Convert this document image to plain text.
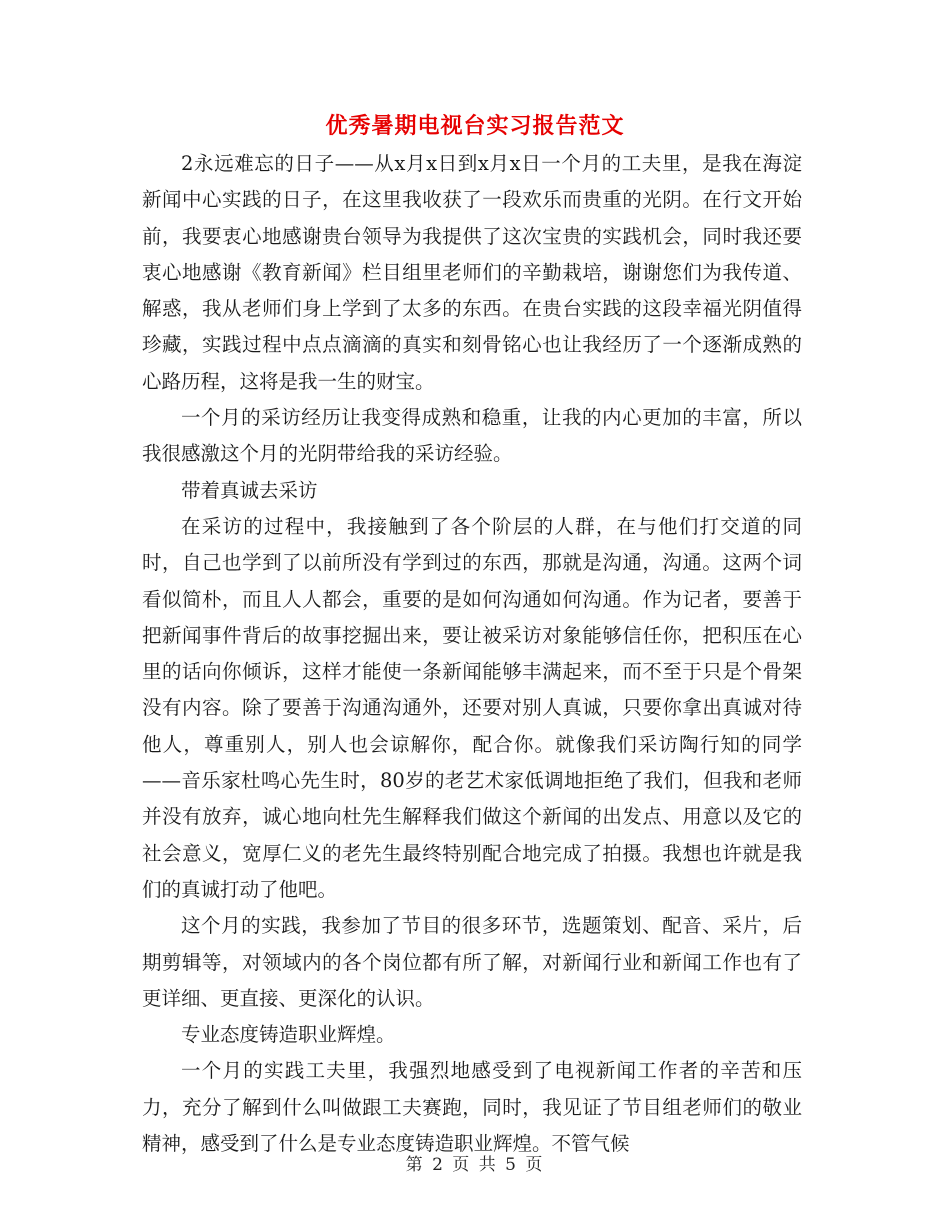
优秀暑期电视台实习报告范文

2永远难忘的日子——从x月x日到x月x日一个月的工夫里，是我在海淀新闻中心实践的日子，在这里我收获了一段欢乐而贵重的光阴。在行文开始前，我要衷心地感谢贵台领导为我提供了这次宝贵的实践机会，同时我还要衷心地感谢《教育新闻》栏目组里老师们的辛勤栽培，谢谢您们为我传道、解惑，我从老师们身上学到了太多的东西。在贵台实践的这段幸福光阴值得珍藏，实践过程中点点滴滴的真实和刻骨铭心也让我经历了一个逐渐成熟的心路历程，这将是我一生的财宝。

一个月的采访经历让我变得成熟和稳重，让我的内心更加的丰富，所以我很感激这个月的光阴带给我的采访经验。

带着真诚去采访

在采访的过程中，我接触到了各个阶层的人群，在与他们打交道的同时，自己也学到了以前所没有学到过的东西，那就是沟通，沟通。这两个词看似简朴，而且人人都会，重要的是如何沟通如何沟通。作为记者，要善于把新闻事件背后的故事挖掘出来，要让被采访对象能够信任你，把积压在心里的话向你倾诉，这样才能使一条新闻能够丰满起来，而不至于只是个骨架没有内容。除了要善于沟通沟通外，还要对别人真诚，只要你拿出真诚对待他人，尊重别人，别人也会谅解你，配合你。就像我们采访陶行知的同学——音乐家杜鸣心先生时，80岁的老艺术家低调地拒绝了我们，但我和老师并没有放弃，诚心地向杜先生解释我们做这个新闻的出发点、用意以及它的社会意义，宽厚仁义的老先生最终特别配合地完成了拍摄。我想也许就是我们的真诚打动了他吧。

这个月的实践，我参加了节目的很多环节，选题策划、配音、采片，后期剪辑等，对领域内的各个岗位都有所了解，对新闻行业和新闻工作也有了更详细、更直接、更深化的认识。

专业态度铸造职业辉煌。

一个月的实践工夫里，我强烈地感受到了电视新闻工作者的辛苦和压力，充分了解到什么叫做跟工夫赛跑，同时，我见证了节目组老师们的敬业精神，感受到了什么是专业态度铸造职业辉煌。不管气候

第 2 页 共 5 页
